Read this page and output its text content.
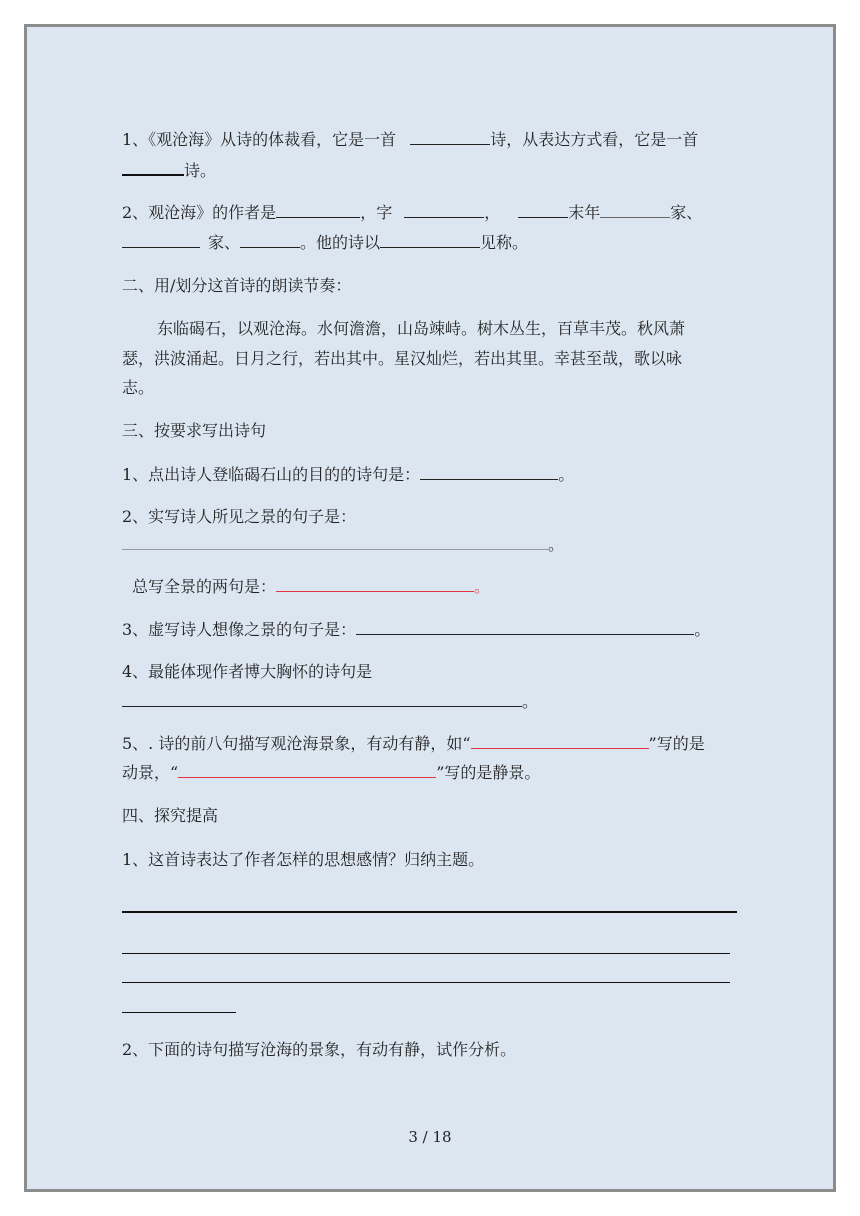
1、《观沧海》从诗的体裁看，它是一首	诗，从表达方式看，它是一首
诗。
2、观沧海》的作者是	，字	，	末年	家、
家、	。他的诗以	见称。
二、用/划分这首诗的朗读节奏：
东临碣石，以观沧海。水何澹澹，山岛竦峙。树木丛生，百草丰茂。秋风萧
瑟，洪波涌起。日月之行，若出其中。星汉灿烂，若出其里。幸甚至哉，歌以咏
志。
三、按要求写出诗句
1、点出诗人登临碣石山的目的的诗句是：	。
2、实写诗人所见之景的句子是：
。
总写全景的两句是：	。
3、虚写诗人想像之景的句子是：	。
4、最能体现作者博大胸怀的诗句是
。
5、. 诗的前八句描写观沧海景象，有动有静，如“	”写的是
动景，“	”写的是静景。
四、探究提高
1、这首诗表达了作者怎样的思想感情？归纳主题。
2、下面的诗句描写沧海的景象，有动有静，试作分析。
3 / 18
